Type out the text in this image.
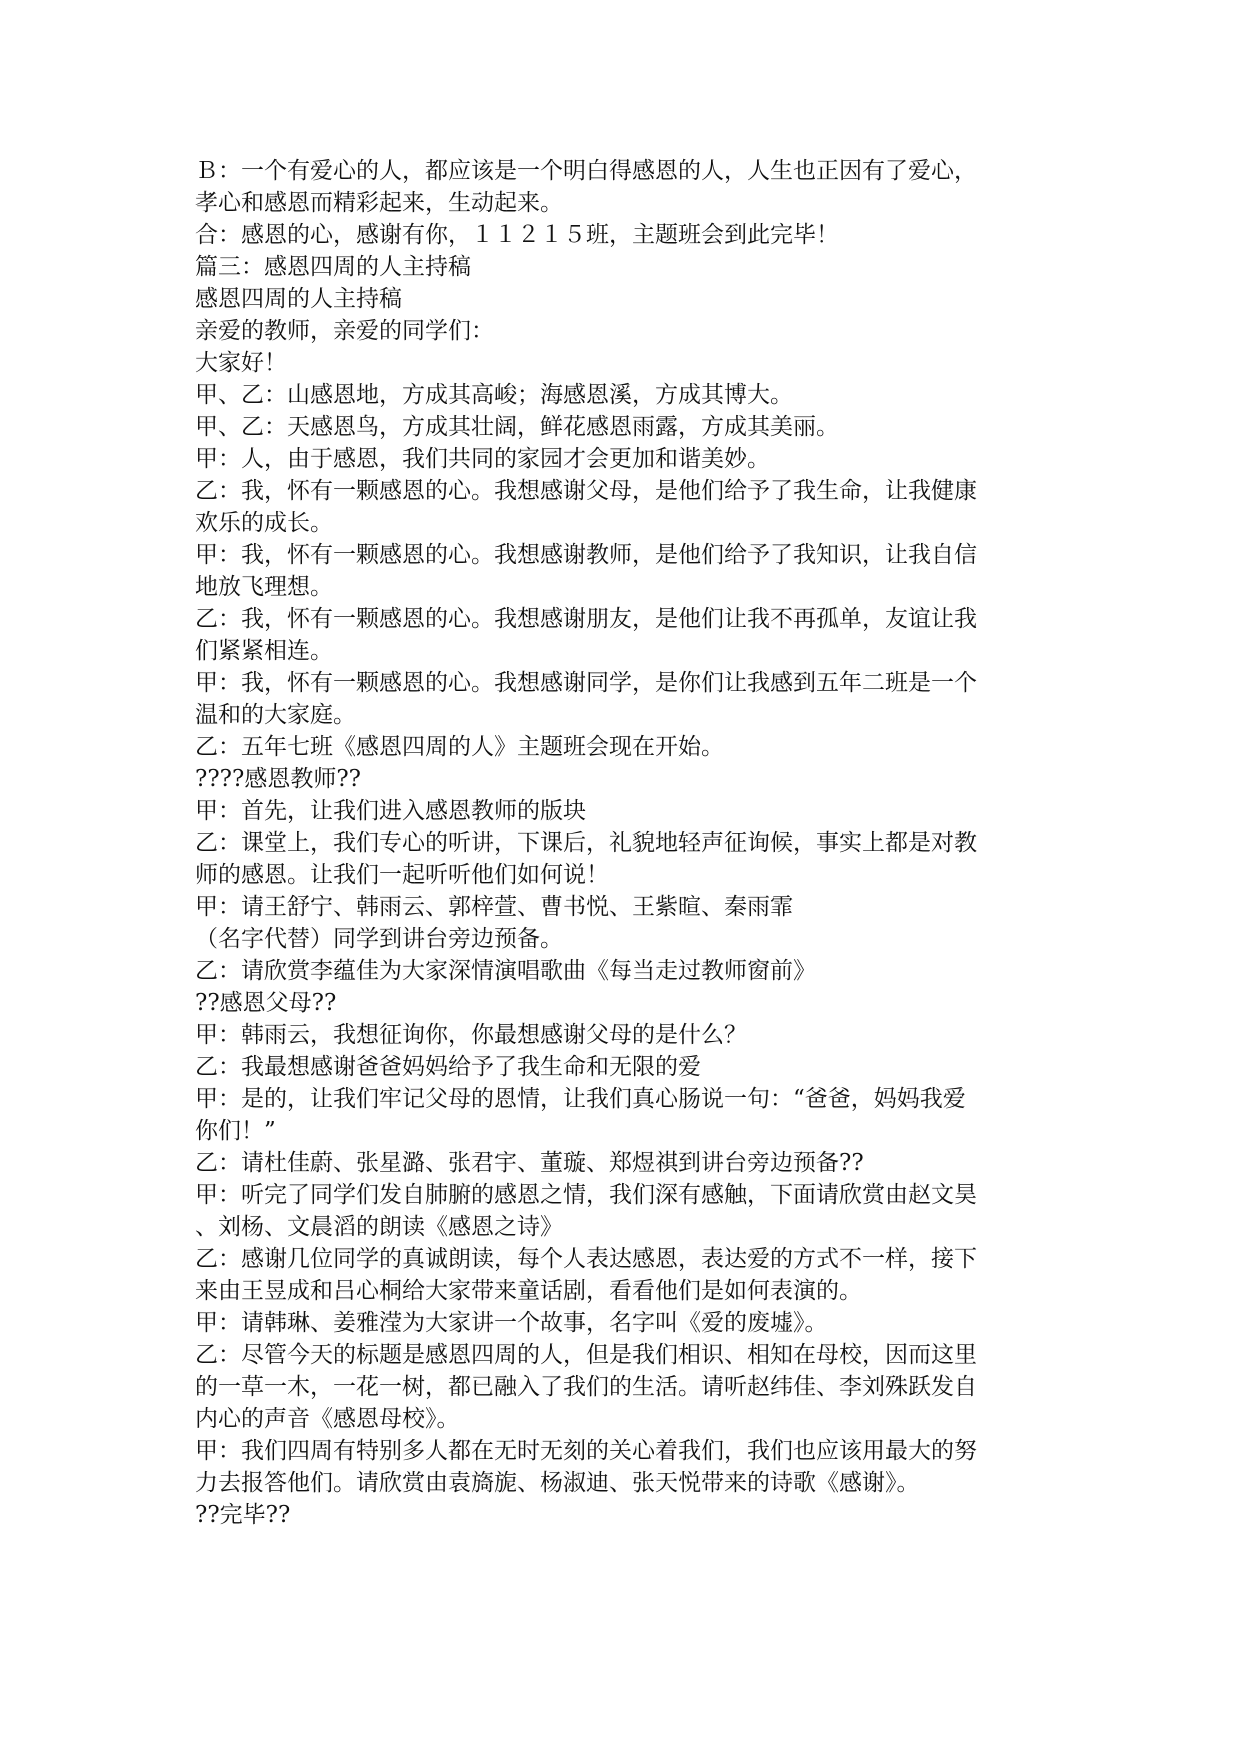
Ｂ：一个有爱心的人，都应该是一个明白得感恩的人，人生也正因有了爱心，
孝心和感恩而精彩起来，生动起来。
合：感恩的心，感谢有你，１１２１５班，主题班会到此完毕！
篇三：感恩四周的人主持稿
感恩四周的人主持稿
亲爱的教师，亲爱的同学们：
大家好！
甲、乙：山感恩地，方成其高峻；海感恩溪，方成其博大。
甲、乙：天感恩鸟，方成其壮阔，鲜花感恩雨露，方成其美丽。
甲：人，由于感恩，我们共同的家园才会更加和谐美妙。
乙：我，怀有一颗感恩的心。我想感谢父母，是他们给予了我生命，让我健康
欢乐的成长。
甲：我，怀有一颗感恩的心。我想感谢教师，是他们给予了我知识，让我自信
地放飞理想。
乙：我，怀有一颗感恩的心。我想感谢朋友，是他们让我不再孤单，友谊让我
们紧紧相连。
甲：我，怀有一颗感恩的心。我想感谢同学，是你们让我感到五年二班是一个
温和的大家庭。
乙：五年七班《感恩四周的人》主题班会现在开始。
????感恩教师??
甲：首先，让我们进入感恩教师的版块
乙：课堂上，我们专心的听讲，下课后，礼貌地轻声征询候，事实上都是对教
师的感恩。让我们一起听听他们如何说！
甲：请王舒宁、韩雨云、郭梓萱、曹书悦、王紫暄、秦雨霏
（名字代替）同学到讲台旁边预备。
乙：请欣赏李蕴佳为大家深情演唱歌曲《每当走过教师窗前》
??感恩父母??
甲：韩雨云，我想征询你，你最想感谢父母的是什么？
乙：我最想感谢爸爸妈妈给予了我生命和无限的爱
甲：是的，让我们牢记父母的恩情，让我们真心肠说一句：“爸爸，妈妈我爱
你们！”
乙：请杜佳蔚、张星潞、张君宇、董璇、郑煜祺到讲台旁边预备??
甲：听完了同学们发自肺腑的感恩之情，我们深有感触，下面请欣赏由赵文昊
、刘杨、文晨滔的朗读《感恩之诗》
乙：感谢几位同学的真诚朗读，每个人表达感恩，表达爱的方式不一样，接下
来由王昱成和吕心桐给大家带来童话剧，看看他们是如何表演的。
甲：请韩琳、姜雅滢为大家讲一个故事，名字叫《爱的废墟》。
乙：尽管今天的标题是感恩四周的人，但是我们相识、相知在母校，因而这里
的一草一木，一花一树，都已融入了我们的生活。请听赵纬佳、李刘殊跃发自
内心的声音《感恩母校》。
甲：我们四周有特别多人都在无时无刻的关心着我们，我们也应该用最大的努
力去报答他们。请欣赏由袁旖旎、杨淑迪、张天悦带来的诗歌《感谢》。
??完毕??
